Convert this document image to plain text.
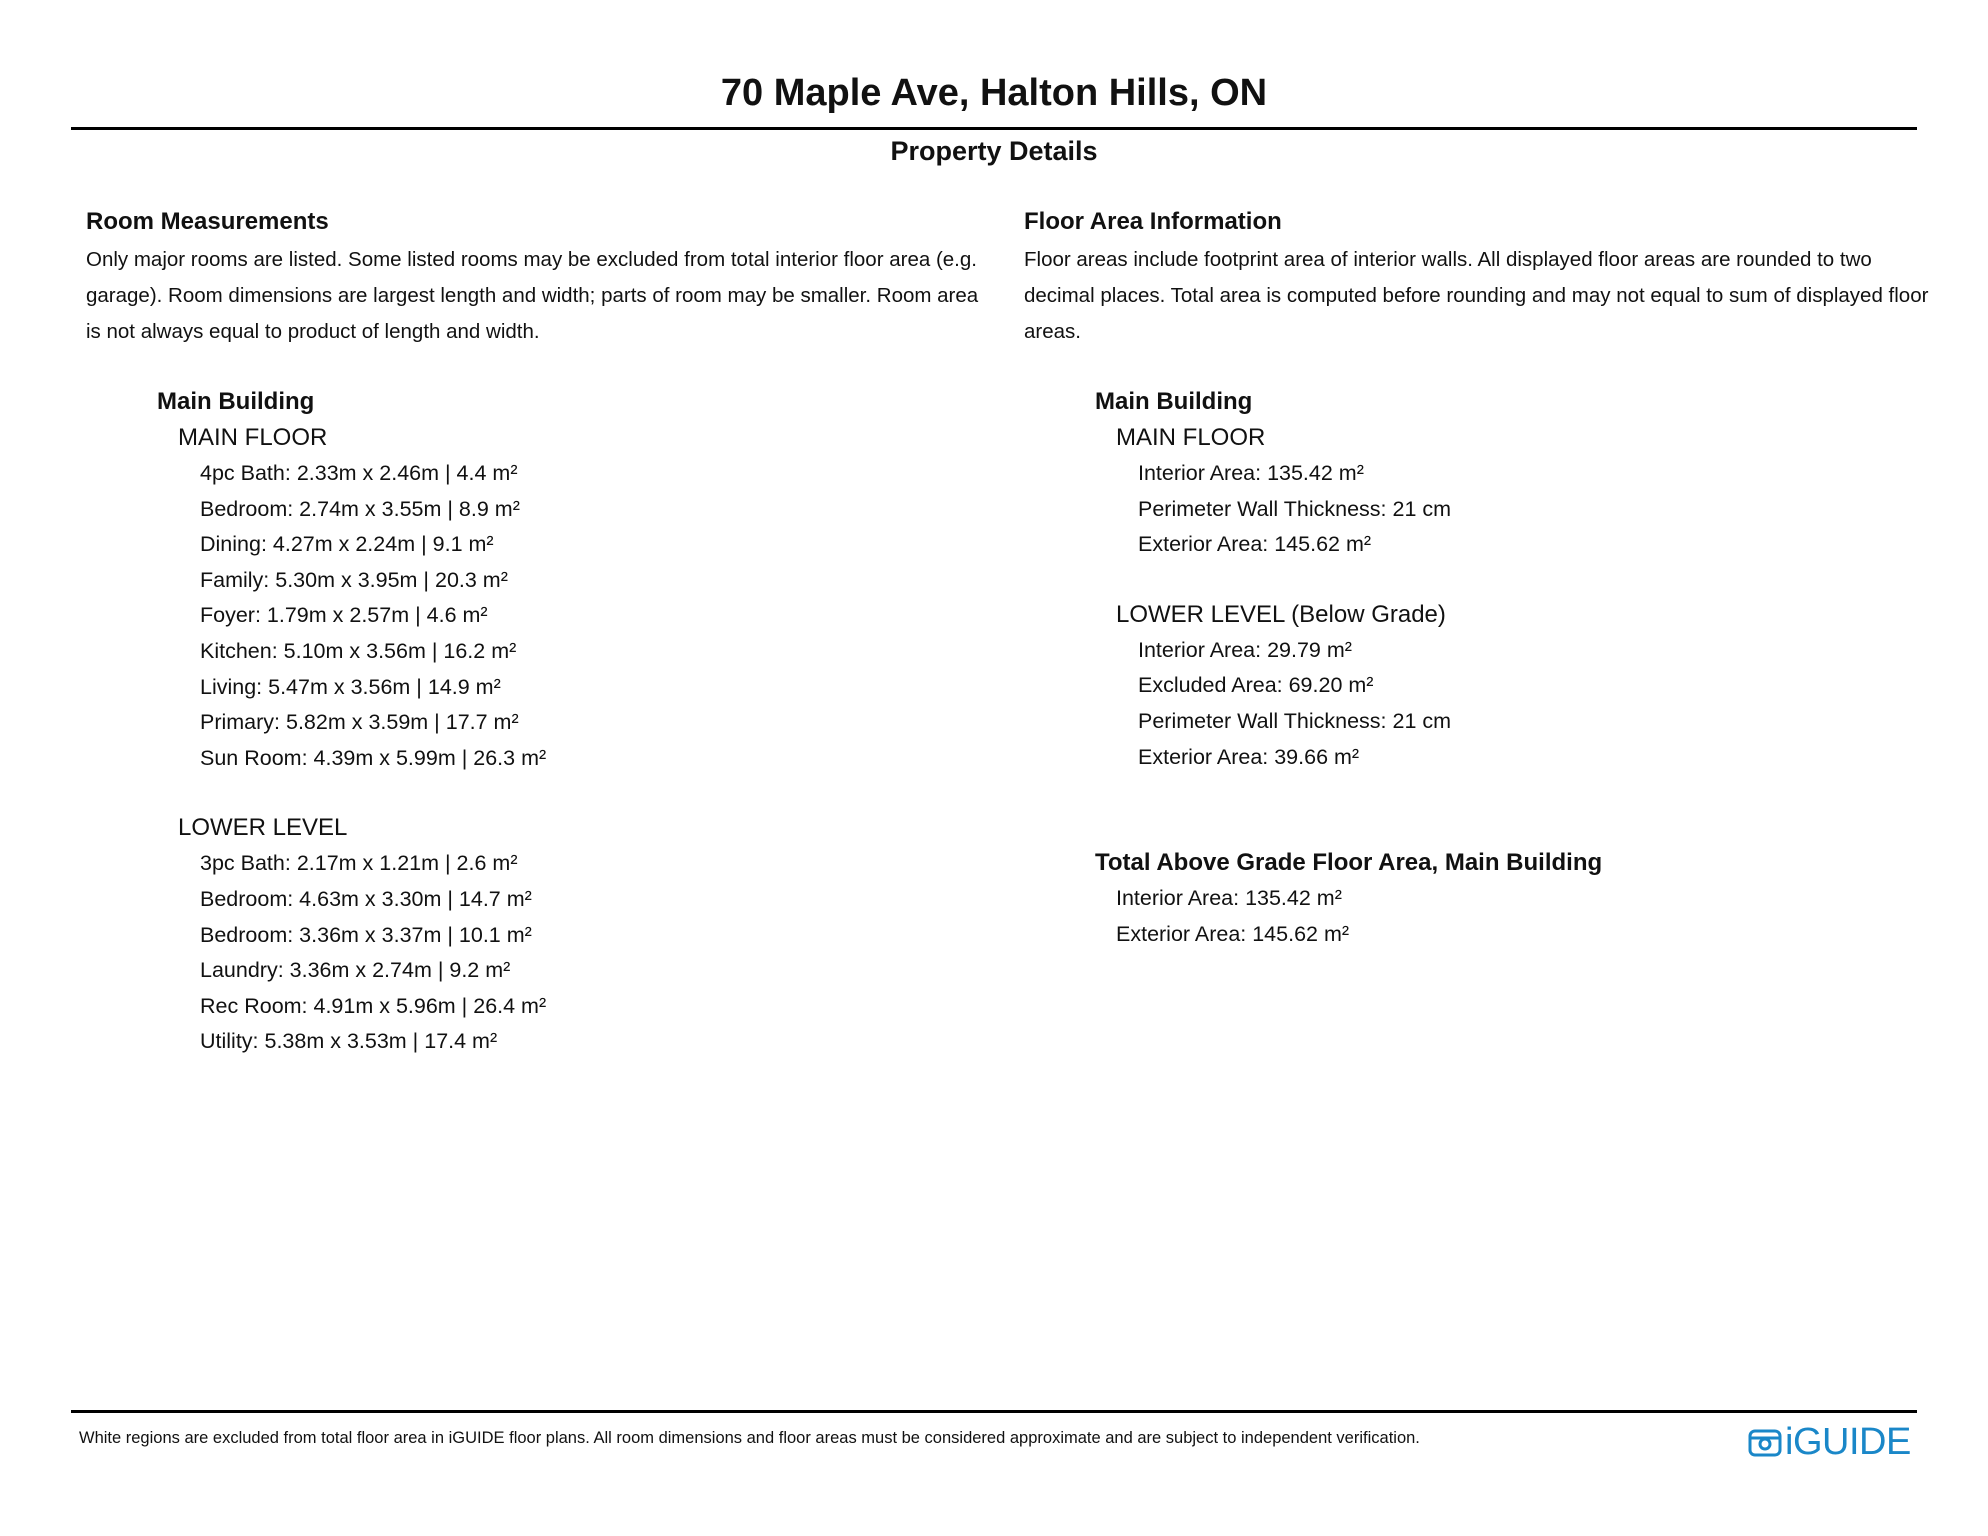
70 Maple Ave, Halton Hills, ON
Property Details
Room Measurements

Only major rooms are listed. Some listed rooms may be excluded from total interior floor area (e.g. garage). Room dimensions are largest length and width; parts of room may be smaller. Room area is not always equal to product of length and width.

Main Building
MAIN FLOOR
4pc Bath: 2.33m x 2.46m | 4.4 m²
Bedroom: 2.74m x 3.55m | 8.9 m²
Dining: 4.27m x 2.24m | 9.1 m²
Family: 5.30m x 3.95m | 20.3 m²
Foyer: 1.79m x 2.57m | 4.6 m²
Kitchen: 5.10m x 3.56m | 16.2 m²
Living: 5.47m x 3.56m | 14.9 m²
Primary: 5.82m x 3.59m | 17.7 m²
Sun Room: 4.39m x 5.99m | 26.3 m²
LOWER LEVEL
3pc Bath: 2.17m x 1.21m | 2.6 m²
Bedroom: 4.63m x 3.30m | 14.7 m²
Bedroom: 3.36m x 3.37m | 10.1 m²
Laundry: 3.36m x 2.74m | 9.2 m²
Rec Room: 4.91m x 5.96m | 26.4 m²
Utility: 5.38m x 3.53m | 17.4 m²
Floor Area Information

Floor areas include footprint area of interior walls. All displayed floor areas are rounded to two decimal places. Total area is computed before rounding and may not equal to sum of displayed floor areas.

Main Building
MAIN FLOOR
Interior Area: 135.42 m²
Perimeter Wall Thickness: 21 cm
Exterior Area: 145.62 m²
LOWER LEVEL (Below Grade)
Interior Area: 29.79 m²
Excluded Area: 69.20 m²
Perimeter Wall Thickness: 21 cm
Exterior Area: 39.66 m²
Total Above Grade Floor Area, Main Building
Interior Area: 135.42 m²
Exterior Area: 145.62 m²
White regions are excluded from total floor area in iGUIDE floor plans. All room dimensions and floor areas must be considered approximate and are subject to independent verification.	iGUIDE
